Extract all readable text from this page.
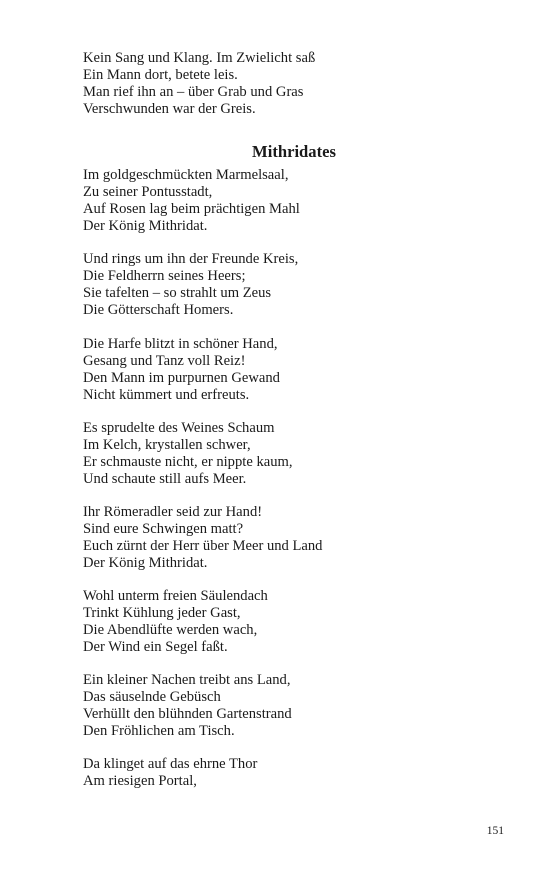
Kein Sang und Klang. Im Zwielicht saß
Ein Mann dort, betete leis.
Man rief ihn an – über Grab und Gras
Verschwunden war der Greis.
Mithridates
Im goldgeschmückten Marmelsaal,
Zu seiner Pontusstadt,
Auf Rosen lag beim prächtigen Mahl
Der König Mithridat.
Und rings um ihn der Freunde Kreis,
Die Feldherrn seines Heers;
Sie tafelten – so strahlt um Zeus
Die Götterschaft Homers.
Die Harfe blitzt in schöner Hand,
Gesang und Tanz voll Reiz!
Den Mann im purpurnen Gewand
Nicht kümmert und erfreuts.
Es sprudelte des Weines Schaum
Im Kelch, krystallen schwer,
Er schmauste nicht, er nippte kaum,
Und schaute still aufs Meer.
Ihr Römeradler seid zur Hand!
Sind eure Schwingen matt?
Euch zürnt der Herr über Meer und Land
Der König Mithridat.
Wohl unterm freien Säulendach
Trinkt Kühlung jeder Gast,
Die Abendlüfte werden wach,
Der Wind ein Segel faßt.
Ein kleiner Nachen treibt ans Land,
Das säuselnde Gebüsch
Verhüllt den blühnden Gartenstrand
Den Fröhlichen am Tisch.
Da klinget auf das ehrne Thor
Am riesigen Portal,
151
